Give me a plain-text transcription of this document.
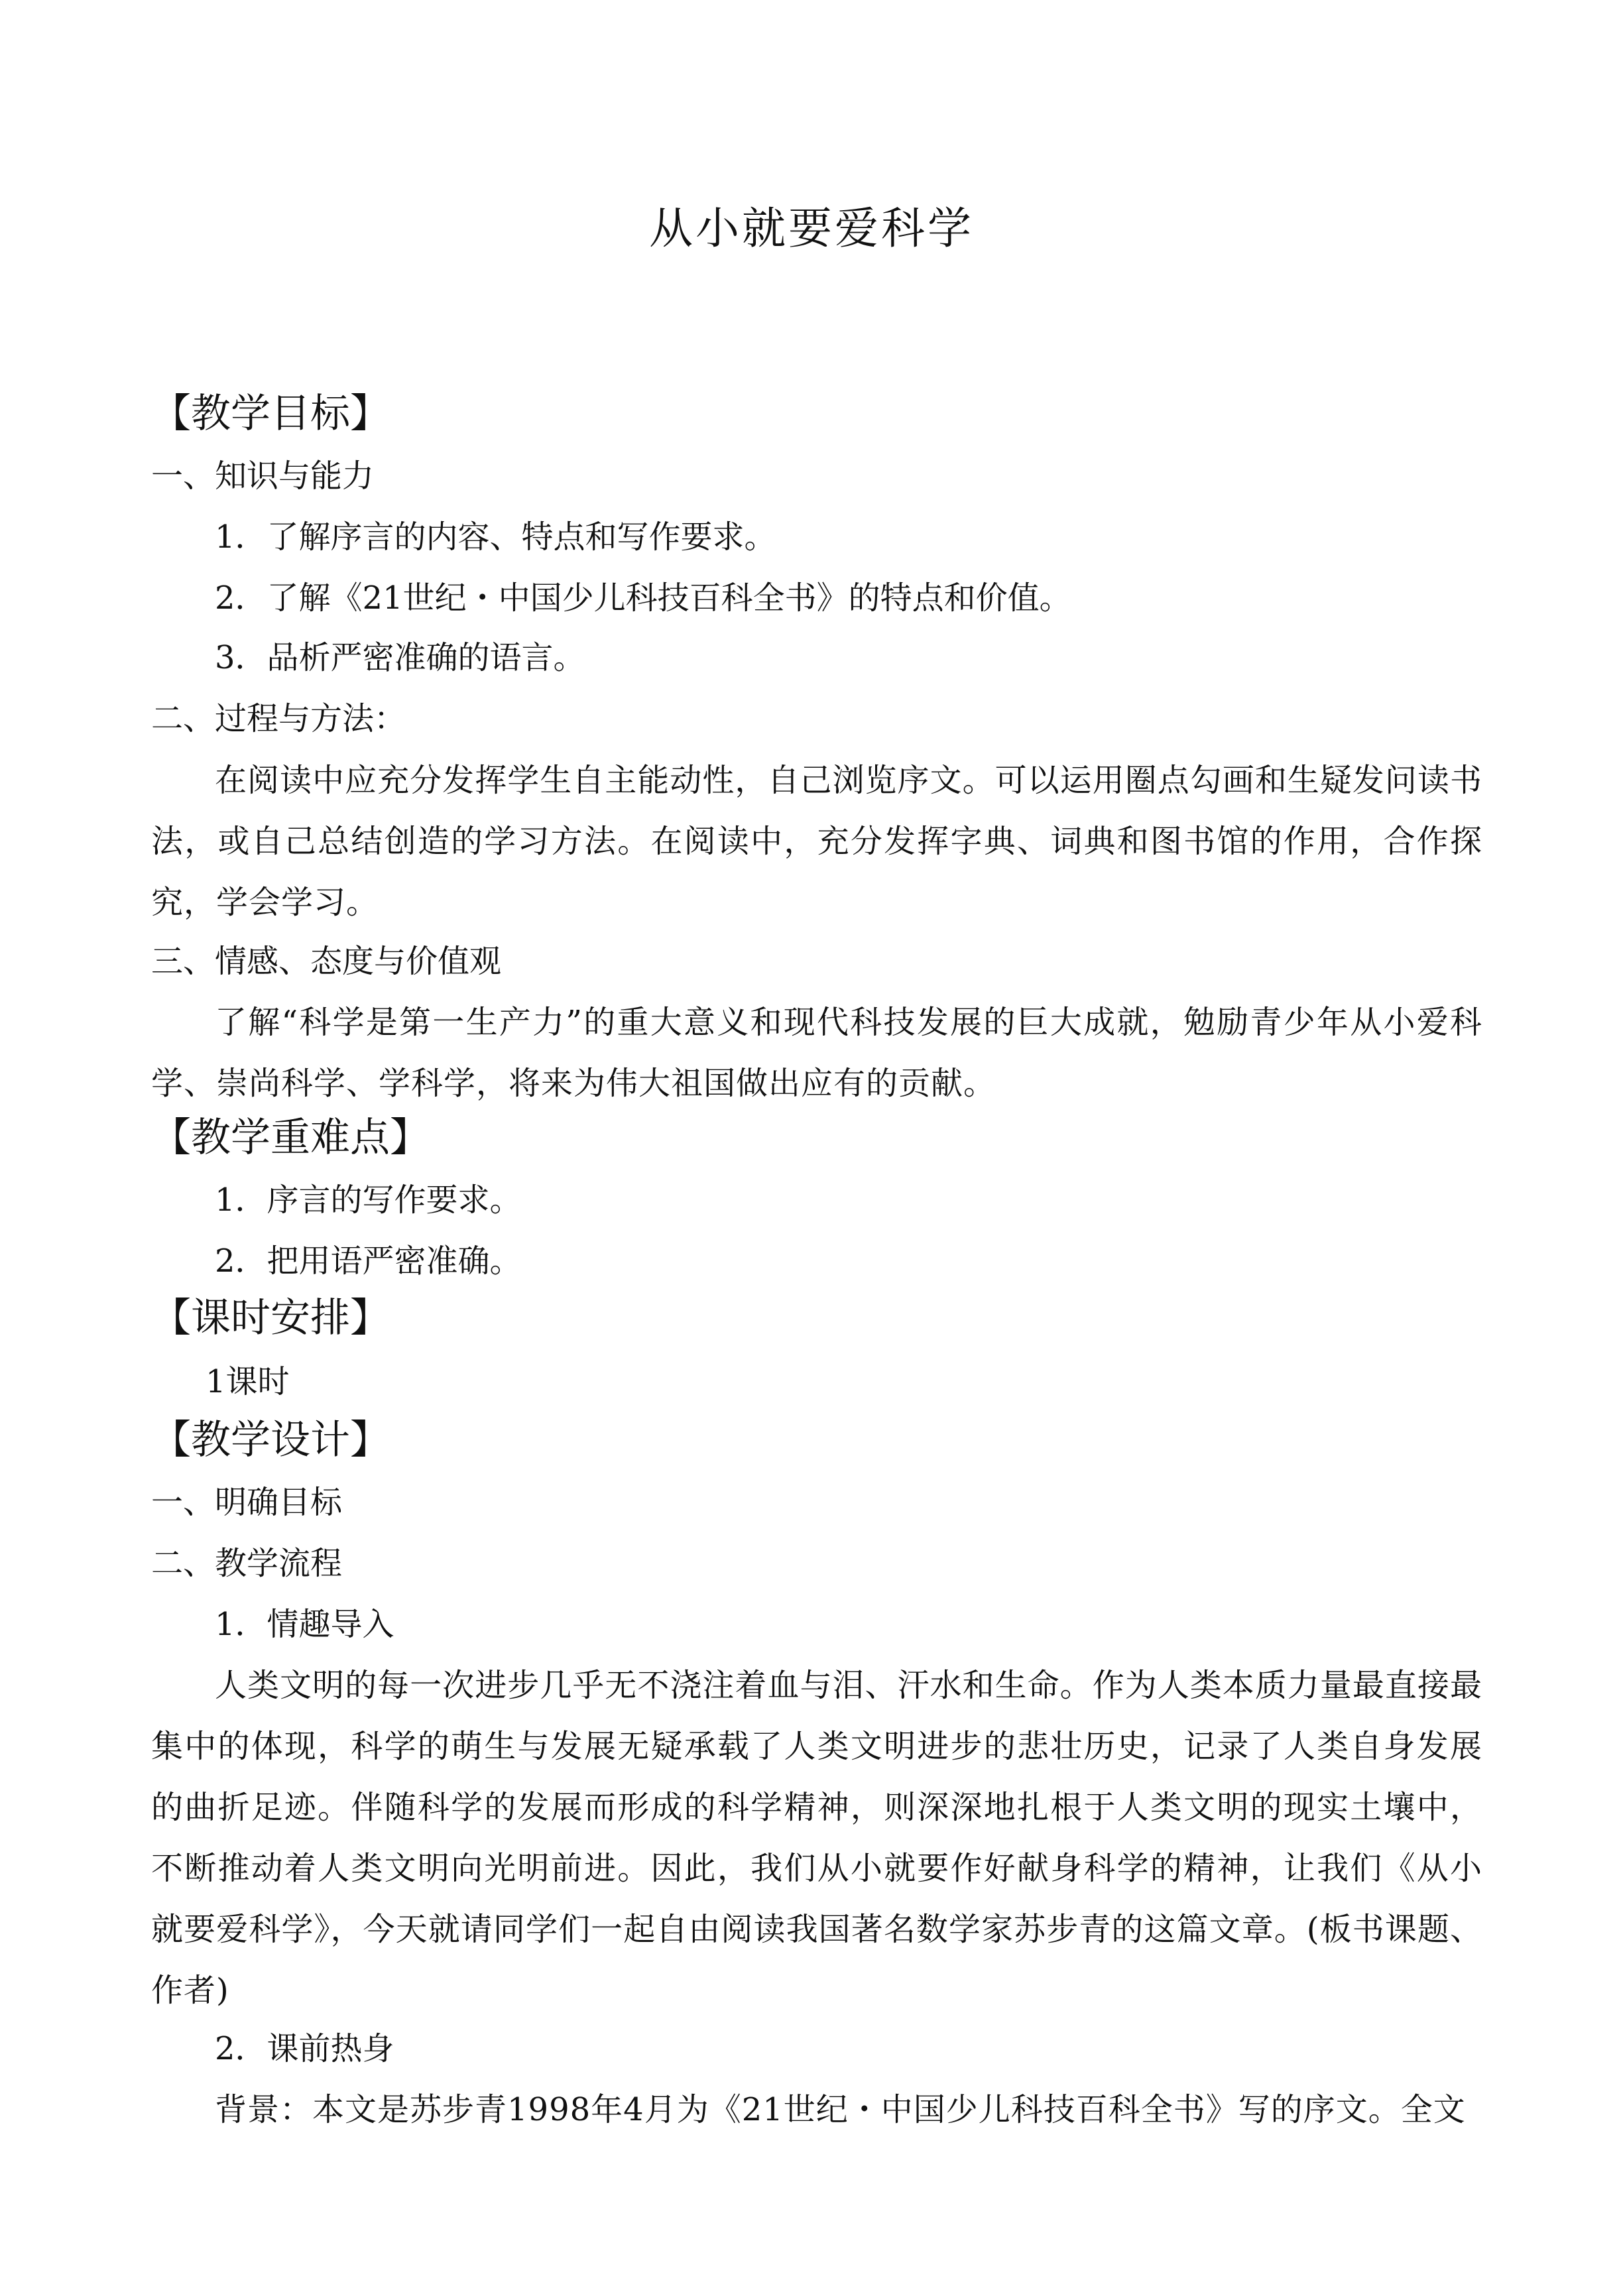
从小就要爱科学
【教学目标】
一、知识与能力
1．了解序言的内容、特点和写作要求。
2．了解《21世纪・中国少儿科技百科全书》的特点和价值。
3．品析严密准确的语言。
二、过程与方法：
在阅读中应充分发挥学生自主能动性，自己浏览序文。可以运用圈点勾画和生疑发问读书法，或自己总结创造的学习方法。在阅读中，充分发挥字典、词典和图书馆的作用，合作探究，学会学习。
三、情感、态度与价值观
了解“科学是第一生产力”的重大意义和现代科技发展的巨大成就，勉励青少年从小爱科学、崇尚科学、学科学，将来为伟大祖国做出应有的贡献。
【教学重难点】
1．序言的写作要求。
2．把用语严密准确。
【课时安排】
1课时
【教学设计】
一、明确目标
二、教学流程
1．情趣导入
人类文明的每一次进步几乎无不浇注着血与泪、汗水和生命。作为人类本质力量最直接最集中的体现，科学的萌生与发展无疑承载了人类文明进步的悲壮历史，记录了人类自身发展的曲折足迹。伴随科学的发展而形成的科学精神，则深深地扎根于人类文明的现实土壤中，不断推动着人类文明向光明前进。因此，我们从小就要作好献身科学的精神，让我们《从小就要爱科学》，今天就请同学们一起自由阅读我国著名数学家苏步青的这篇文章。(板书课题、作者)
2．课前热身
背景：本文是苏步青1998年4月为《21世纪・中国少儿科技百科全书》写的序文。全文
